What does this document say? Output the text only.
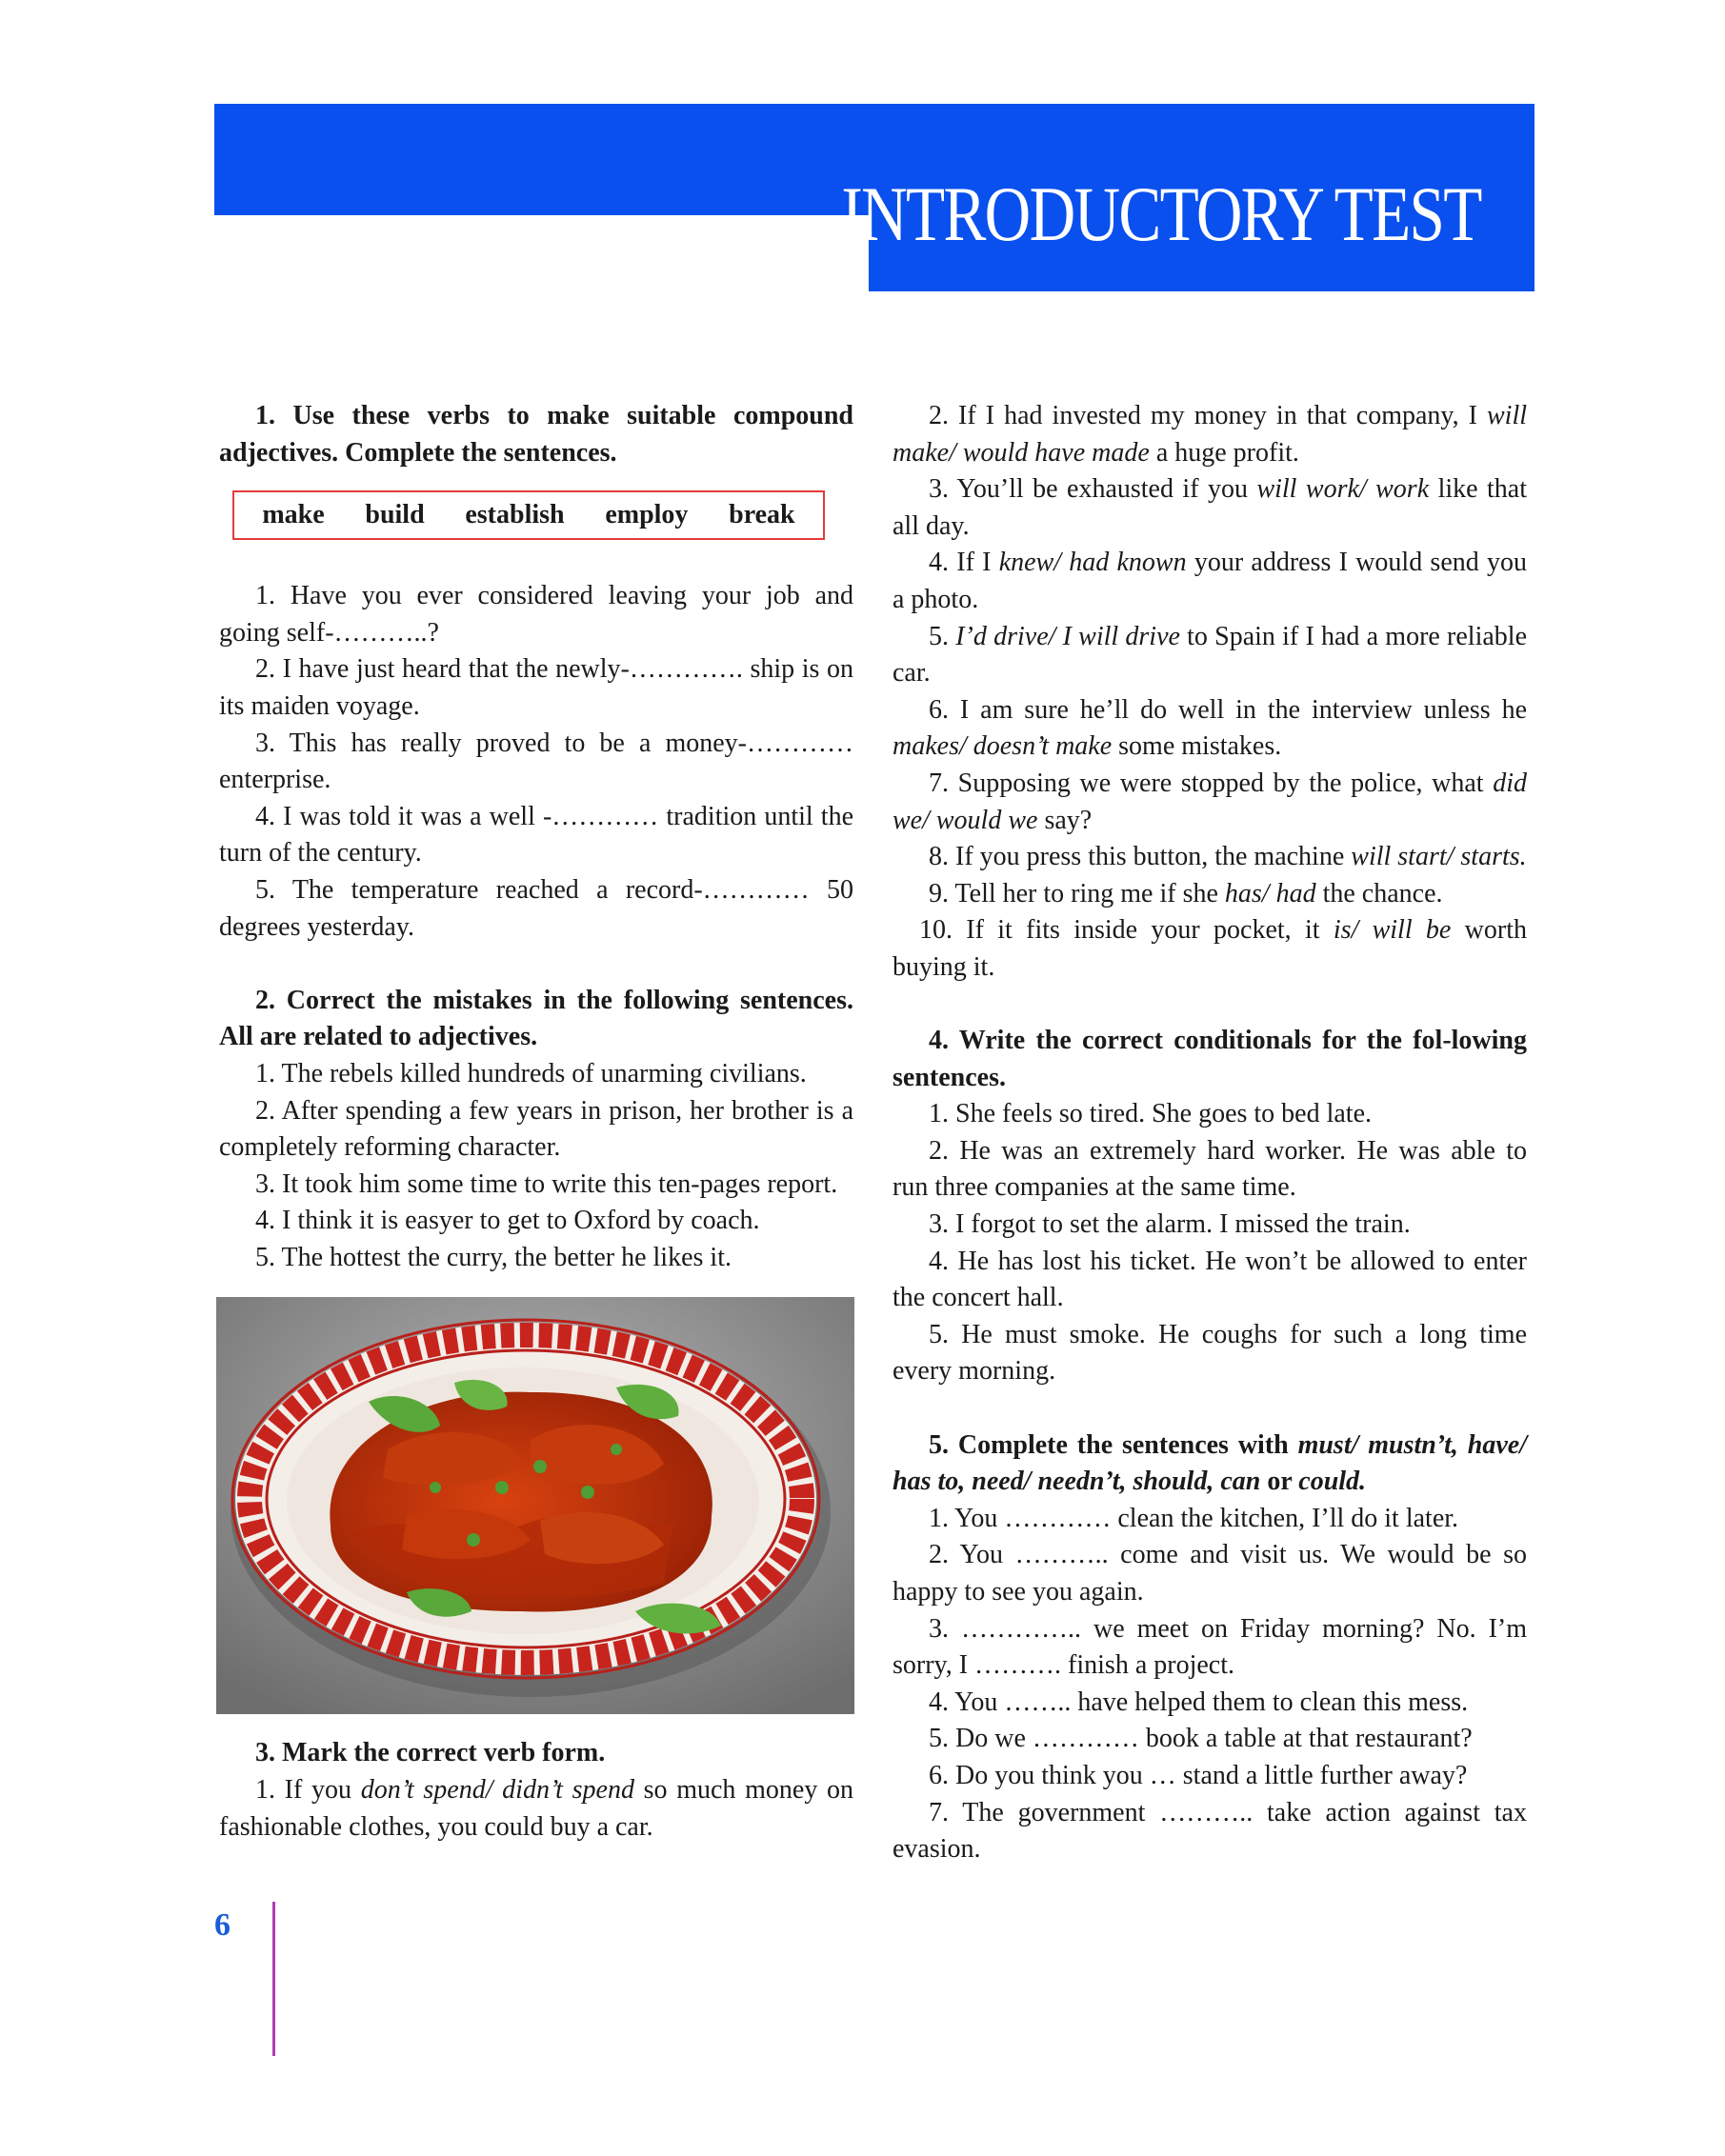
INTRODUCTORY TEST

1. Use these verbs to make suitable compound adjectives. Complete the sentences.

make build establish employ break

1. Have you ever considered leaving your job and going self-………..?

2. I have just heard that the newly-…………. ship is on its maiden voyage.

3. This has really proved to be a money-………… enterprise.

4. I was told it was a well -………… tradition until the turn of the century.

5. The temperature reached a record-………… 50 degrees yesterday.

2. Correct the mistakes in the following sentences. All are related to adjectives.

1. The rebels killed hundreds of unarming civilians.

2. After spending a few years in prison, her brother is a completely reforming character.

3. It took him some time to write this ten-pages report.

4. I think it is easyer to get to Oxford by coach.

5. The hottest the curry, the better he likes it.

3. Mark the correct verb form.

1. If you don’t spend/ didn’t spend so much money on fashionable clothes, you could buy a car.

2. If I had invested my money in that company, I will make/ would have made a huge profit.

3. You’ll be exhausted if you will work/ work like that all day.

4. If I knew/ had known your address I would send you a photo.

5. I’d drive/ I will drive to Spain if I had a more reliable car.

6. I am sure he’ll do well in the interview unless he makes/ doesn’t make some mistakes.

7. Supposing we were stopped by the police, what did we/ would we say?

8. If you press this button, the machine will start/ starts.

9. Tell her to ring me if she has/ had the chance.

10. If it fits inside your pocket, it is/ will be worth buying it.

4. Write the correct conditionals for the fol-lowing sentences.

1. She feels so tired. She goes to bed late.

2. He was an extremely hard worker. He was able to run three companies at the same time.

3. I forgot to set the alarm. I missed the train.

4. He has lost his ticket. He won’t be allowed to enter the concert hall.

5. He must smoke. He coughs for such a long time every morning.

5. Complete the sentences with must/ mustn’t, have/ has to, need/ needn’t, should, can or could.

1. You ………… clean the kitchen, I’ll do it later.

2. You ……….. come and visit us. We would be so happy to see you again.

3. ………….. we meet on Friday morning? No. I’m sorry, I ………. finish a project.

4. You …….. have helped them to clean this mess.

5. Do we ………… book a table at that restaurant?

6. Do you think you … stand a little further away?

7. The government ……….. take action against tax evasion.

6
